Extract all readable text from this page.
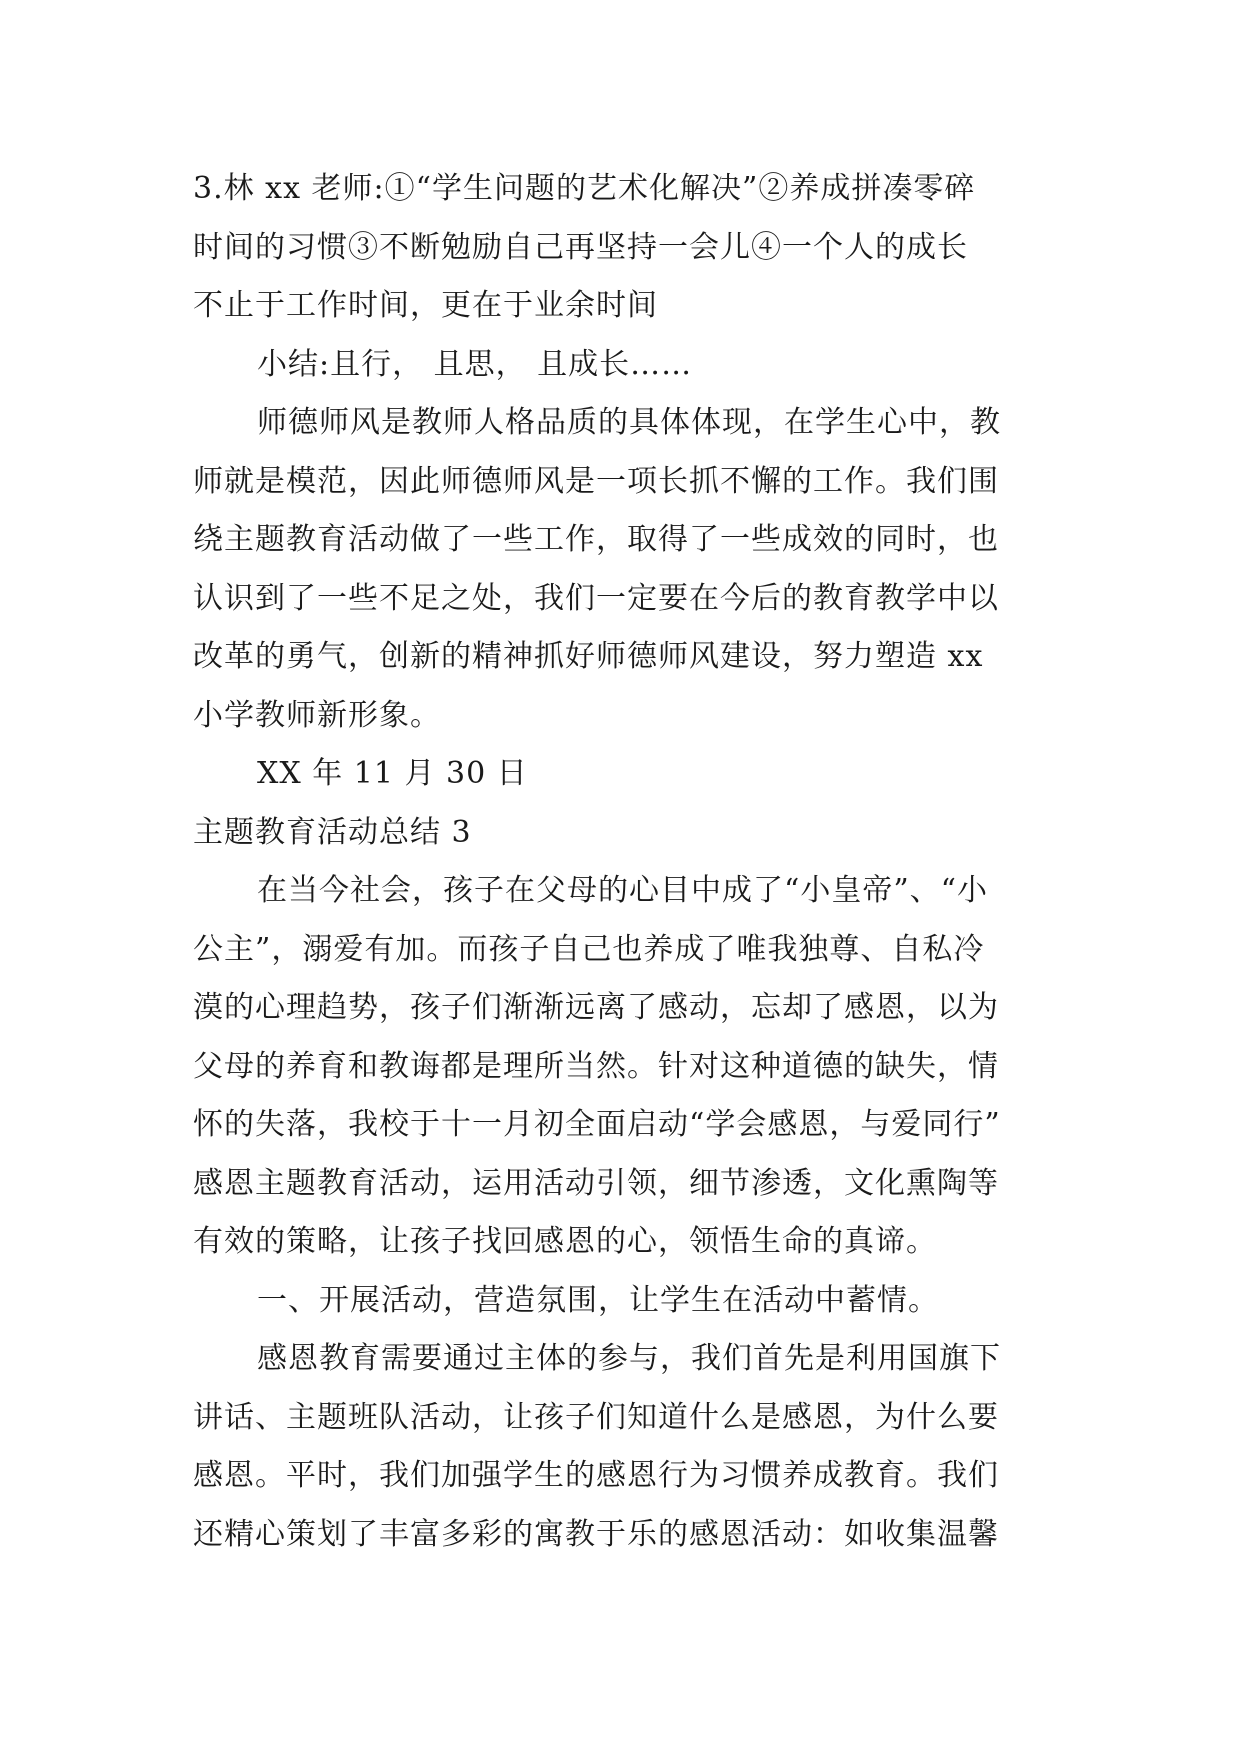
3.林 xx 老师:①“学生问题的艺术化解决”②养成拼凑零碎
时间的习惯③不断勉励自己再坚持一会儿④一个人的成长
不止于工作时间，更在于业余时间
小结:且行， 且思， 且成长……
师德师风是教师人格品质的具体体现，在学生心中，教
师就是模范，因此师德师风是一项长抓不懈的工作。我们围
绕主题教育活动做了一些工作，取得了一些成效的同时，也
认识到了一些不足之处，我们一定要在今后的教育教学中以
改革的勇气，创新的精神抓好师德师风建设，努力塑造 xx
小学教师新形象。
XX 年 11 月 30 日
主题教育活动总结 3
在当今社会，孩子在父母的心目中成了“小皇帝”、“小
公主”，溺爱有加。而孩子自己也养成了唯我独尊、自私冷
漠的心理趋势，孩子们渐渐远离了感动，忘却了感恩，以为
父母的养育和教诲都是理所当然。针对这种道德的缺失，情
怀的失落，我校于十一月初全面启动“学会感恩，与爱同行”
感恩主题教育活动，运用活动引领，细节渗透，文化熏陶等
有效的策略，让孩子找回感恩的心，领悟生命的真谛。
一、开展活动，营造氛围，让学生在活动中蓄情。
感恩教育需要通过主体的参与，我们首先是利用国旗下
讲话、主题班队活动，让孩子们知道什么是感恩，为什么要
感恩。平时，我们加强学生的感恩行为习惯养成教育。我们
还精心策划了丰富多彩的寓教于乐的感恩活动：如收集温馨
